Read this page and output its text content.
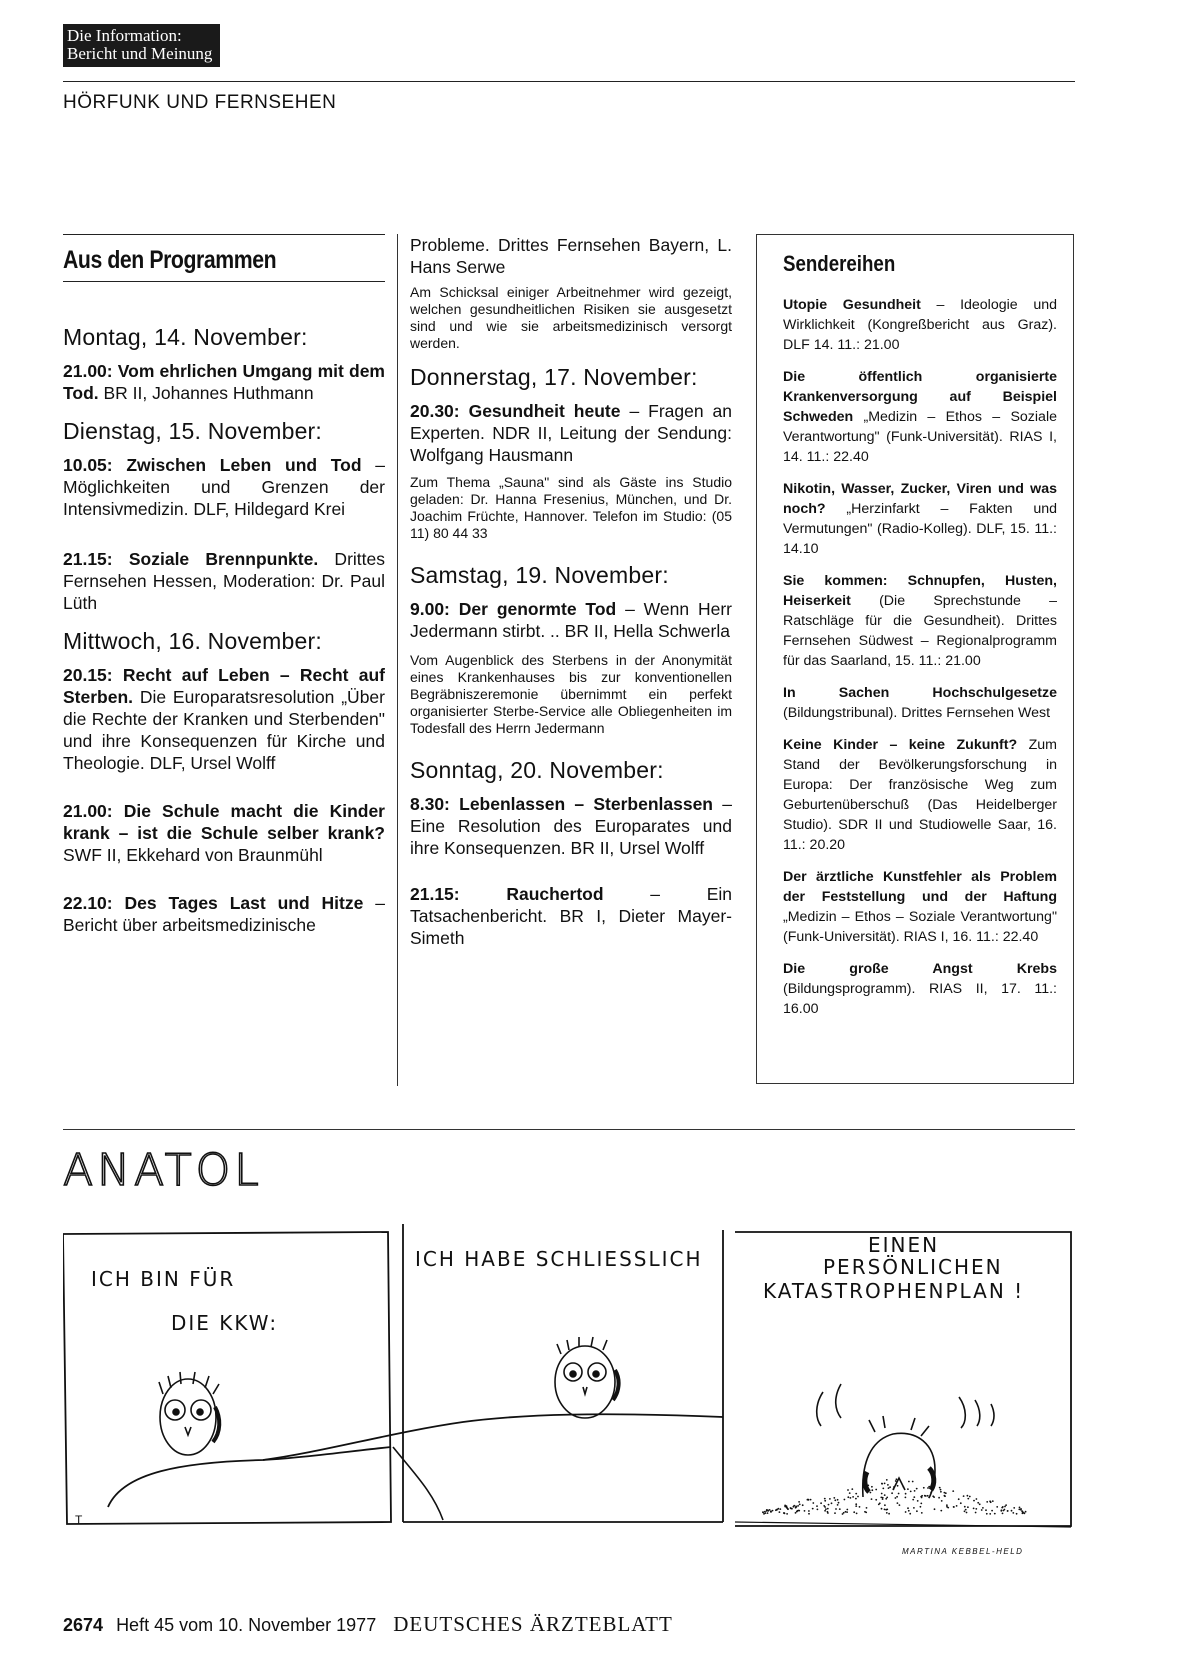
Die Information:
Bericht und Meinung
HÖRFUNK UND FERNSEHEN
Aus den Programmen
Montag, 14. November:

21.00: Vom ehrlichen Umgang mit dem Tod. BR II, Johannes Huthmann

Dienstag, 15. November:

10.05: Zwischen Leben und Tod – Möglichkeiten und Grenzen der Intensivmedizin. DLF, Hildegard Krei

21.15: Soziale Brennpunkte. Drittes Fernsehen Hessen, Moderation: Dr. Paul Lüth

Mittwoch, 16. November:

20.15: Recht auf Leben – Recht auf Sterben. Die Europaratsresolution „Über die Rechte der Kranken und Sterbenden" und ihre Konsequenzen für Kirche und Theologie. DLF, Ursel Wolff

21.00: Die Schule macht die Kinder krank – ist die Schule selber krank? SWF II, Ekkehard von Braunmühl

22.10: Des Tages Last und Hitze – Bericht über arbeitsmedizinische

Probleme. Drittes Fernsehen Bayern, L. Hans Serwe

Am Schicksal einiger Arbeitnehmer wird gezeigt, welchen gesundheitlichen Risiken sie ausgesetzt sind und wie sie arbeitsmedizinisch versorgt werden.

Donnerstag, 17. November:

20.30: Gesundheit heute – Fragen an Experten. NDR II, Leitung der Sendung: Wolfgang Hausmann

Zum Thema „Sauna" sind als Gäste ins Studio geladen: Dr. Hanna Fresenius, München, und Dr. Joachim Früchte, Hannover. Telefon im Studio: (05 11) 80 44 33

Samstag, 19. November:

9.00: Der genormte Tod – Wenn Herr Jedermann stirbt. .. BR II, Hella Schwerla

Vom Augenblick des Sterbens in der Anonymität eines Krankenhauses bis zur konventionellen Begräbniszeremonie übernimmt ein perfekt organisierter Sterbe-Service alle Obliegenheiten im Todesfall des Herrn Jedermann

Sonntag, 20. November:

8.30: Lebenlassen – Sterbenlassen – Eine Resolution des Europarates und ihre Konsequenzen. BR II, Ursel Wolff

21.15: Rauchertod – Ein Tatsachenbericht. BR I, Dieter Mayer-Simeth

Sendereihen

Utopie Gesundheit – Ideologie und Wirklichkeit (Kongreßbericht aus Graz). DLF 14. 11.: 21.00

Die öffentlich organisierte Krankenversorgung auf Beispiel Schweden „Medizin – Ethos – Soziale Verantwortung" (Funk-Universität). RIAS I, 14. 11.: 22.40

Nikotin, Wasser, Zucker, Viren und was noch? „Herzinfarkt – Fakten und Vermutungen" (Radio-Kolleg). DLF, 15. 11.: 14.10

Sie kommen: Schnupfen, Husten, Heiserkeit (Die Sprechstunde – Ratschläge für die Gesundheit). Drittes Fernsehen Südwest – Regionalprogramm für das Saarland, 15. 11.: 21.00

In Sachen Hochschulgesetze (Bildungstribunal). Drittes Fernsehen West

Keine Kinder – keine Zukunft? Zum Stand der Bevölkerungsforschung in Europa: Der französische Weg zum Geburtenüberschuß (Das Heidelberger Studio). SDR II und Studiowelle Saar, 16. 11.: 20.20

Der ärztliche Kunstfehler als Problem der Feststellung und der Haftung „Medizin – Ethos – Soziale Verantwortung" (Funk-Universität). RIAS I, 16. 11.: 22.40

Die große Angst Krebs (Bildungsprogramm). RIAS II, 17. 11.: 16.00

ANATOL
ICH BIN FÜR
DIE KKW:
ICH HABE SCHLIESSLICH
EINEN
PERSÖNLICHEN
KATASTROPHENPLAN !
T
MARTINA KEBBEL-HELD
2674 Heft 45 vom 10. November 1977 DEUTSCHES ÄRZTEBLATT
